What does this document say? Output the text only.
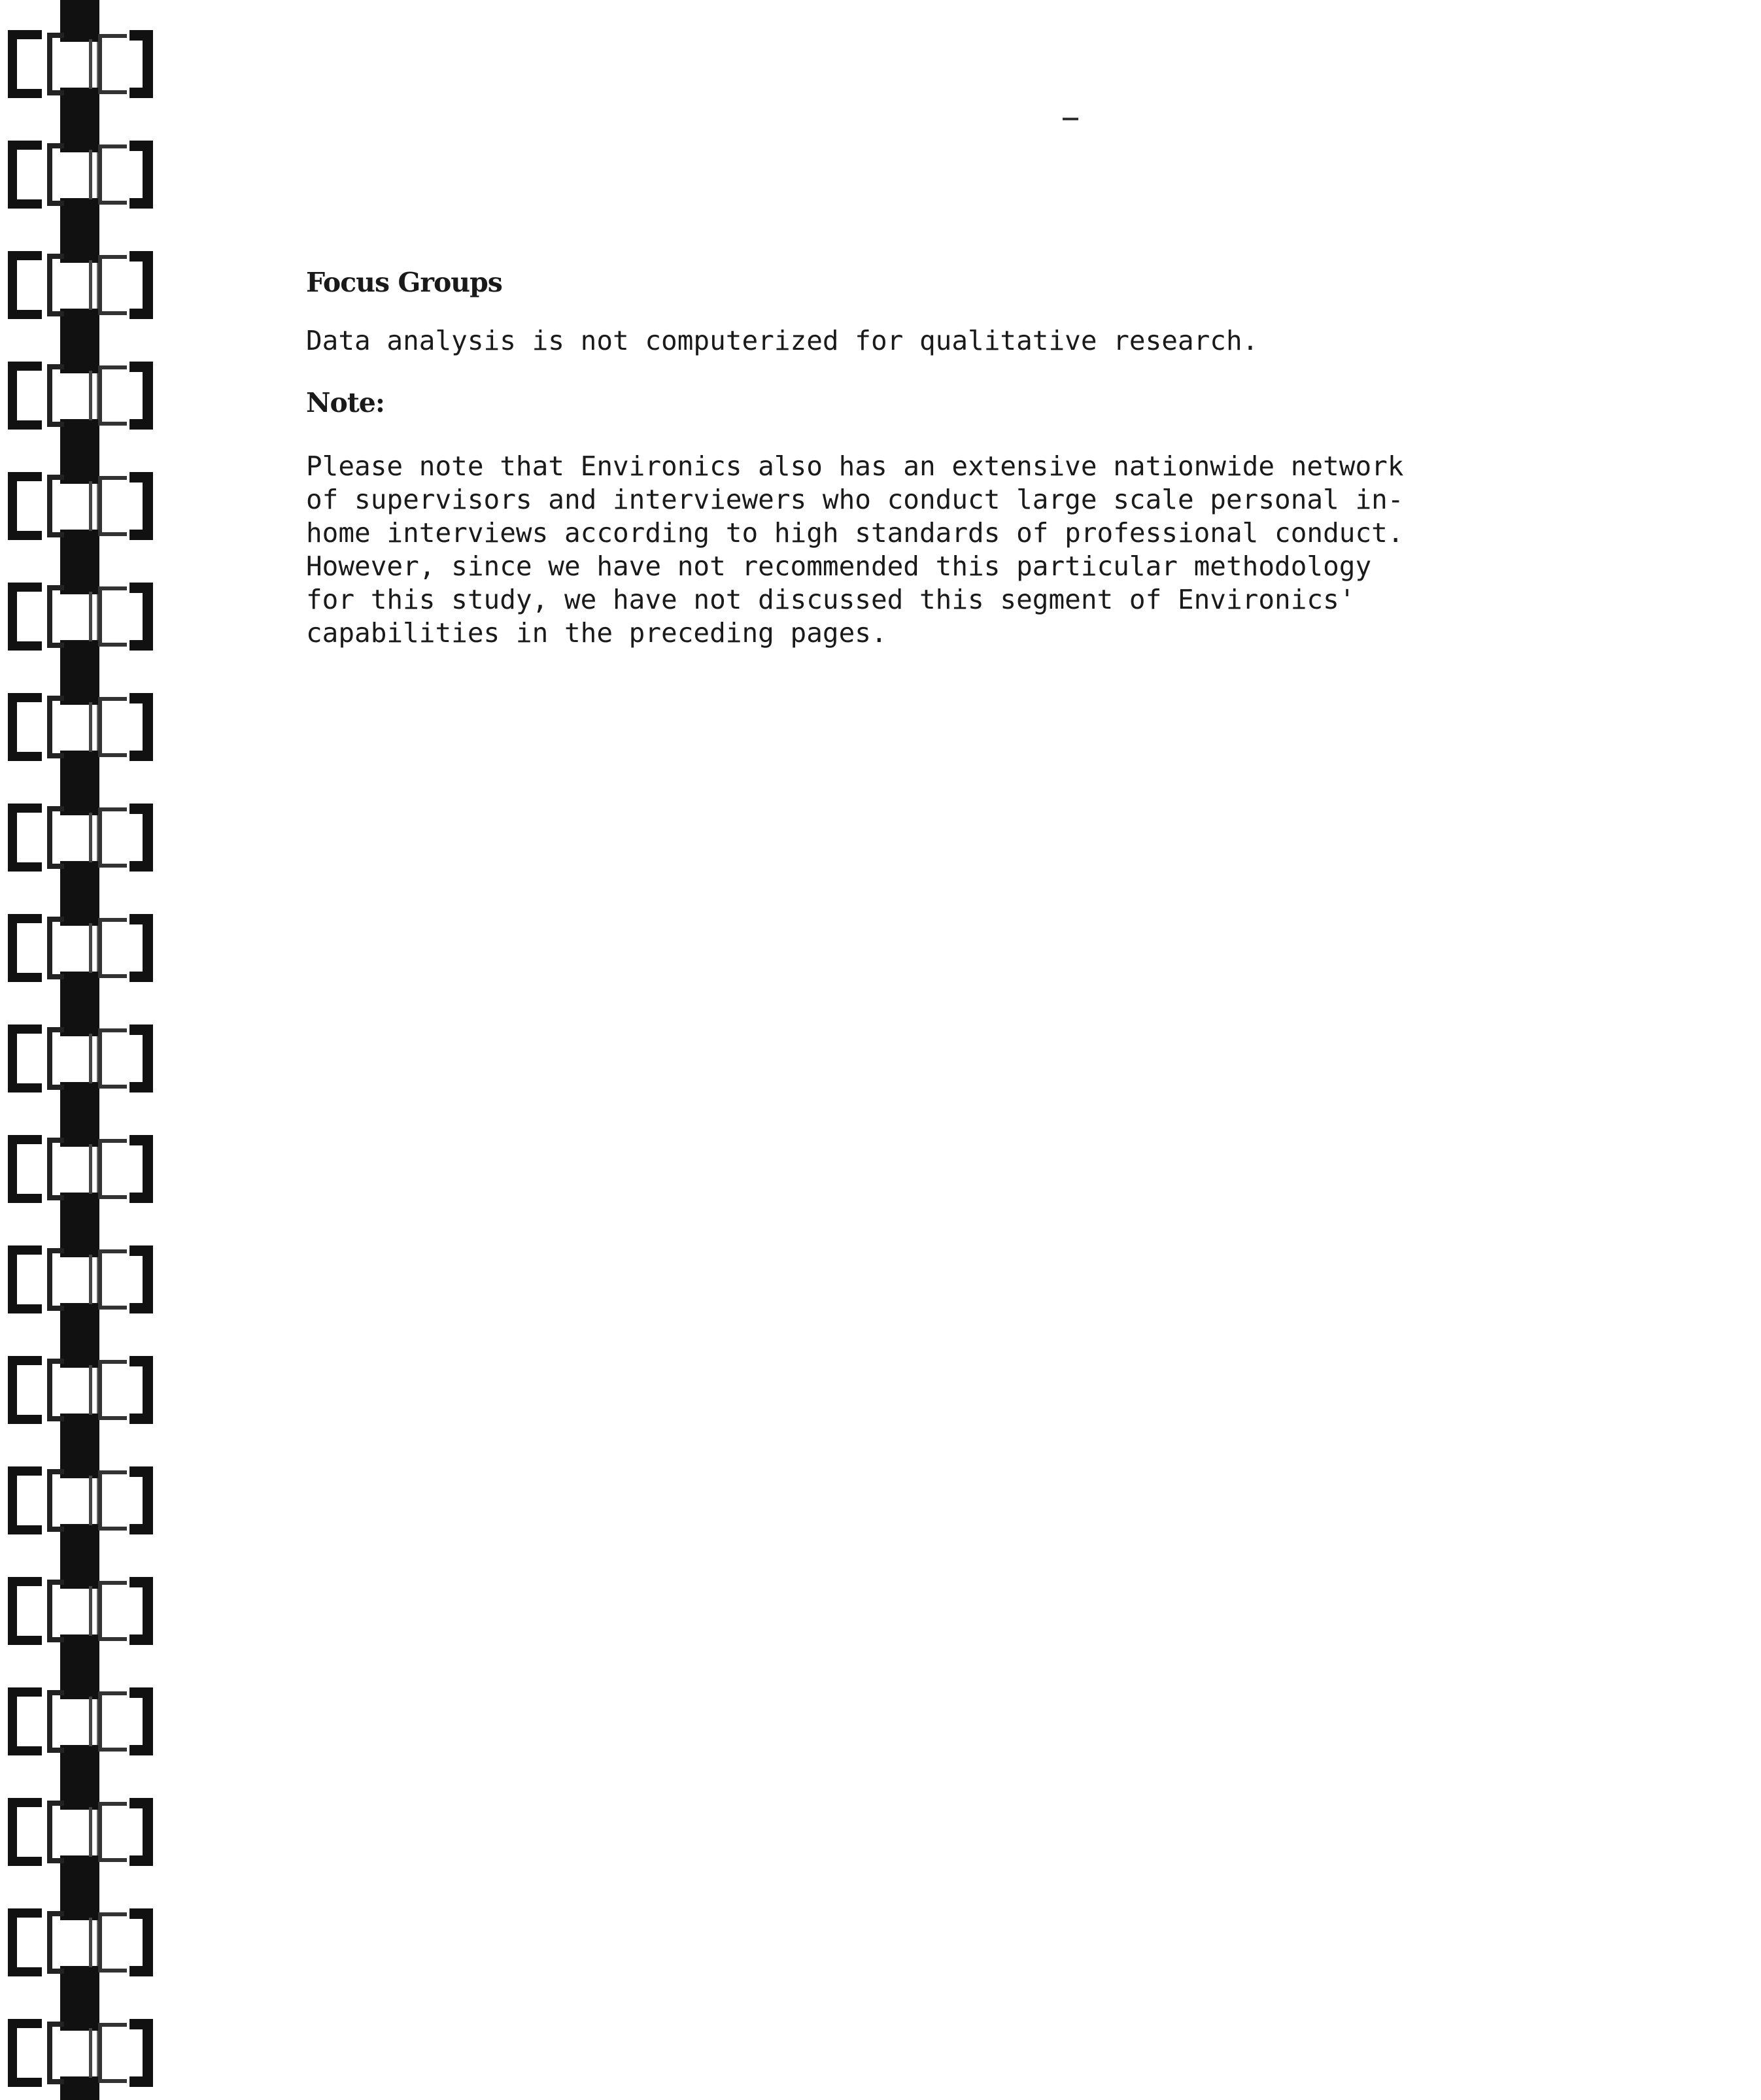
Focus Groups

Data analysis is not computerized for qualitative research.

Note:

Please note that Environics also has an extensive nationwide network

of supervisors and interviewers who conduct large scale personal in-

home interviews according to high standards of professional conduct.

However, since we have not recommended this particular methodology

for this study, we have not discussed this segment of Environics'

capabilities in the preceding pages.
